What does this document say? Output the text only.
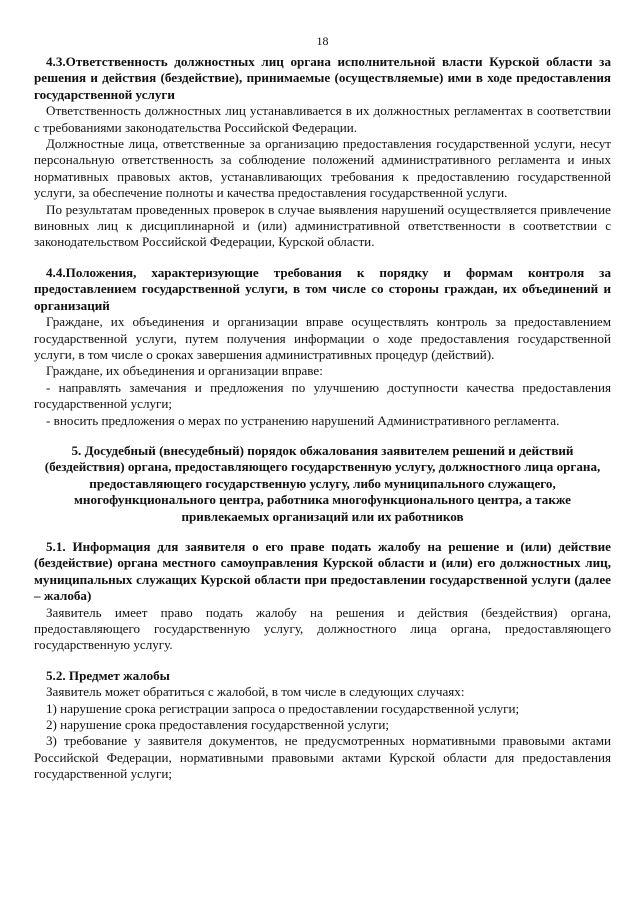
18

4.3.Ответственность должностных лиц органа исполнительной власти Курской области за решения и действия (бездействие), принимаемые (осуществляемые) ими в ходе предоставления государственной услуги

Ответственность должностных лиц устанавливается в их должностных регламентах в соответствии с требованиями законодательства Российской Федерации.

Должностные лица, ответственные за организацию предоставления государственной услуги, несут персональную ответственность за соблюдение положений административного регламента и иных нормативных правовых актов, устанавливающих требования к предоставлению государственной услуги, за обеспечение полноты и качества предоставления государственной услуги.

По результатам проведенных проверок в случае выявления нарушений осуществляется привлечение виновных лиц к дисциплинарной и (или) административной ответственности в соответствии с законодательством Российской Федерации, Курской области.

4.4.Положения, характеризующие требования к порядку и формам контроля за предоставлением государственной услуги, в том числе со стороны граждан, их объединений и организаций

Граждане, их объединения и организации вправе осуществлять контроль за предоставлением государственной услуги, путем получения информации о ходе предоставления государственной услуги, в том числе о сроках завершения административных процедур (действий).

Граждане, их объединения и организации вправе:

- направлять замечания и предложения по улучшению доступности качества предоставления государственной услуги;

- вносить предложения о мерах по устранению нарушений Административного регламента.

5. Досудебный (внесудебный) порядок обжалования заявителем решений и действий (бездействия) органа, предоставляющего государственную услугу, должностного лица органа, предоставляющего государственную услугу, либо муниципального служащего, многофункционального центра, работника многофункционального центра, а также привлекаемых организаций или их работников

5.1. Информация для заявителя о его праве подать жалобу на решение и (или) действие (бездействие) органа местного самоуправления Курской области и (или) его должностных лиц, муниципальных служащих Курской области при предоставлении государственной услуги (далее – жалоба)

Заявитель имеет право подать жалобу на решения и действия (бездействия) органа, предоставляющего государственную услугу, должностного лица органа, предоставляющего государственную услугу.

5.2. Предмет жалобы

Заявитель может обратиться с жалобой, в том числе в следующих случаях:

1) нарушение срока регистрации запроса о предоставлении государственной услуги;

2) нарушение срока предоставления государственной услуги;

3) требование у заявителя документов, не предусмотренных нормативными правовыми актами Российской Федерации, нормативными правовыми актами Курской области для предоставления государственной услуги;
